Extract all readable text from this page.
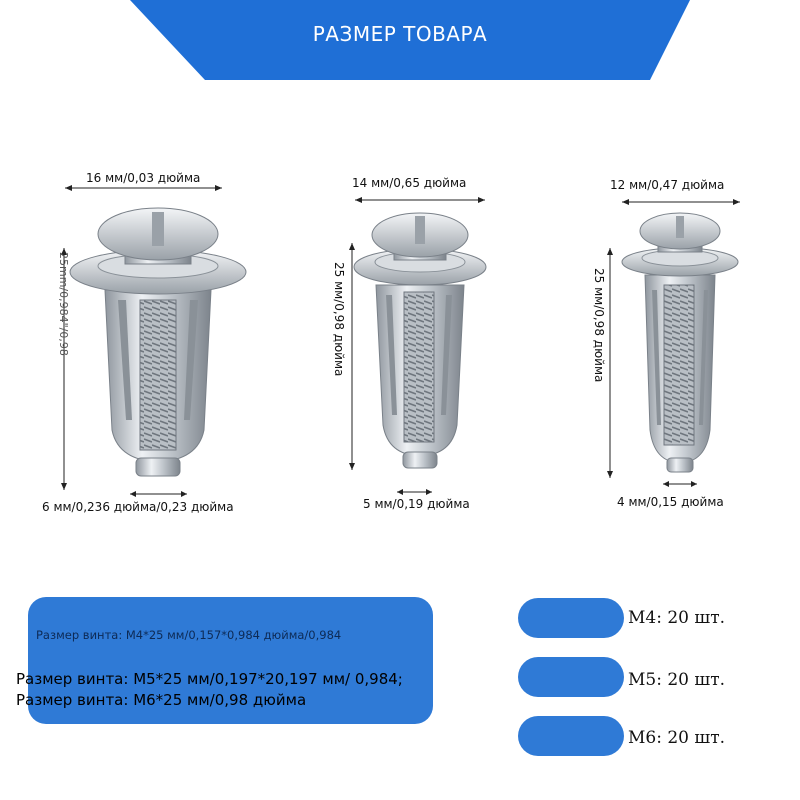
РАЗМЕР ТОВАРА
16 мм/0,03 дюйма
25mm/0,984"/0,98
6 мм/0,236 дюйма/0,23 дюйма
14 мм/0,65 дюйма
25 мм/0,98 дюйма
5 мм/0,19 дюйма
12 мм/0,47 дюйма
25 мм/0,98 дюйма
4 мм/0,15 дюйма
Размер винта: M4*25 мм/0,157*0,984 дюйма/0,984
Размер винта: M5*25 мм/0,197*20,197 мм/ 0,984; Размер винта: M6*25 мм/0,98 дюйма
M4: 20 шт.
M5: 20 шт.
M6: 20 шт.
